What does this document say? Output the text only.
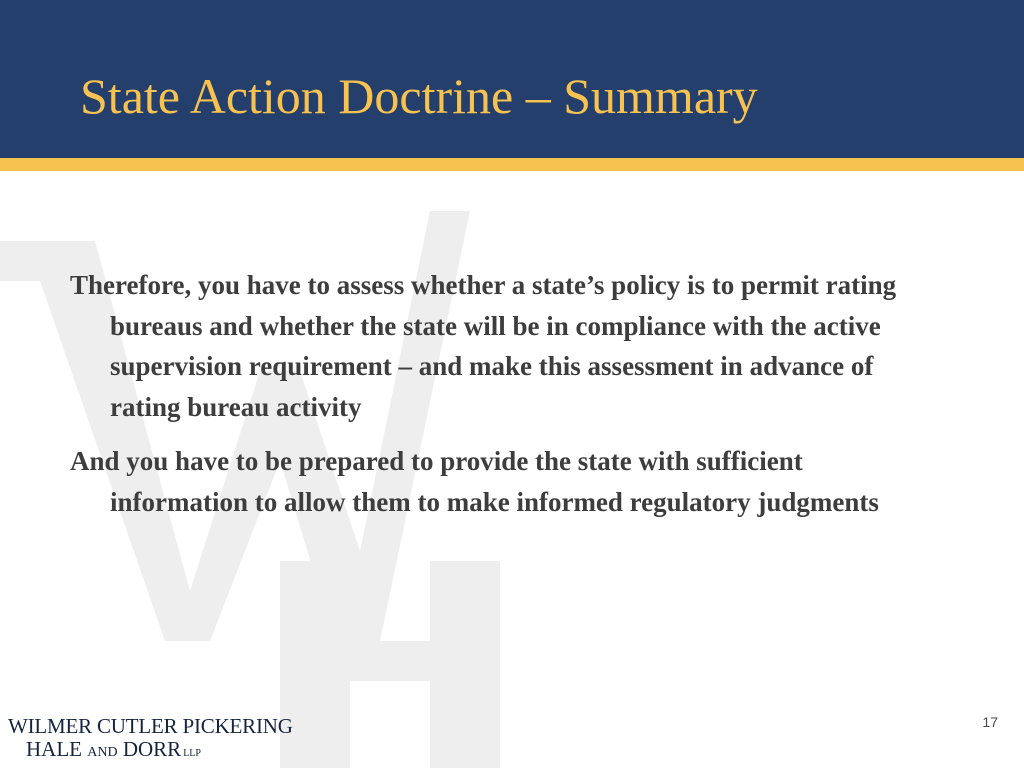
State Action Doctrine – Summary

Therefore, you have to assess whether a state’s policy is to permit rating bureaus and whether the state will be in compliance with the active supervision requirement – and make this assessment in advance of rating bureau activity

And you have to be prepared to provide the state with sufficient information to allow them to make informed regulatory judgments

WILMER CUTLER PICKERING
HALE AND DORR LLP
17
